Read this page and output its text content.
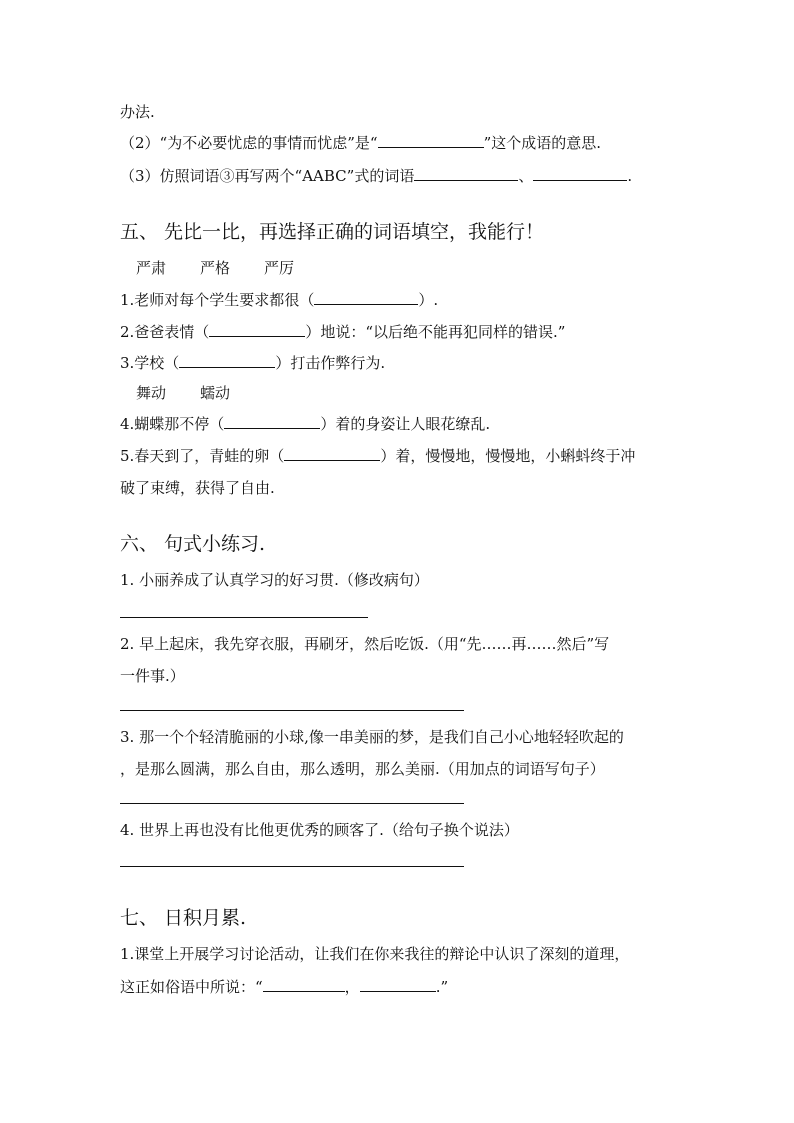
办法.
（2）“为不必要忧虑的事情而忧虑”是“	”这个成语的意思.
（3）仿照词语③再写两个“AABC”式的词语	、	.
五、 先比一比，再选择正确的词语填空，我能行！
严肃 严格 严厉
1.老师对每个学生要求都很（	）.
2.爸爸表情（	）地说：“以后绝不能再犯同样的错误.”
3.学校（	）打击作弊行为.
舞动 蠕动
4.蝴蝶那不停（	）着的身姿让人眼花缭乱.
5.春天到了，青蛙的卵（	）着，慢慢地，慢慢地，小蝌蚪终于冲
破了束缚，获得了自由.
六、 句式小练习.
1. 小丽养成了认真学习的好习贯.（修改病句）
2. 早上起床，我先穿衣服，再刷牙，然后吃饭.（用“先……再……然后”写
一件事.）
3. 那一个个轻清脆丽的小球,像一串美丽的梦，是我们自己小心地轻轻吹起的
，是那么圆满，那么自由，那么透明，那么美丽.（用加点的词语写句子）
4. 世界上再也没有比他更优秀的顾客了.（给句子换个说法）
七、 日积月累.
1.课堂上开展学习讨论活动，让我们在你来我往的辩论中认识了深刻的道理，
这正如俗语中所说：“	，	.”
